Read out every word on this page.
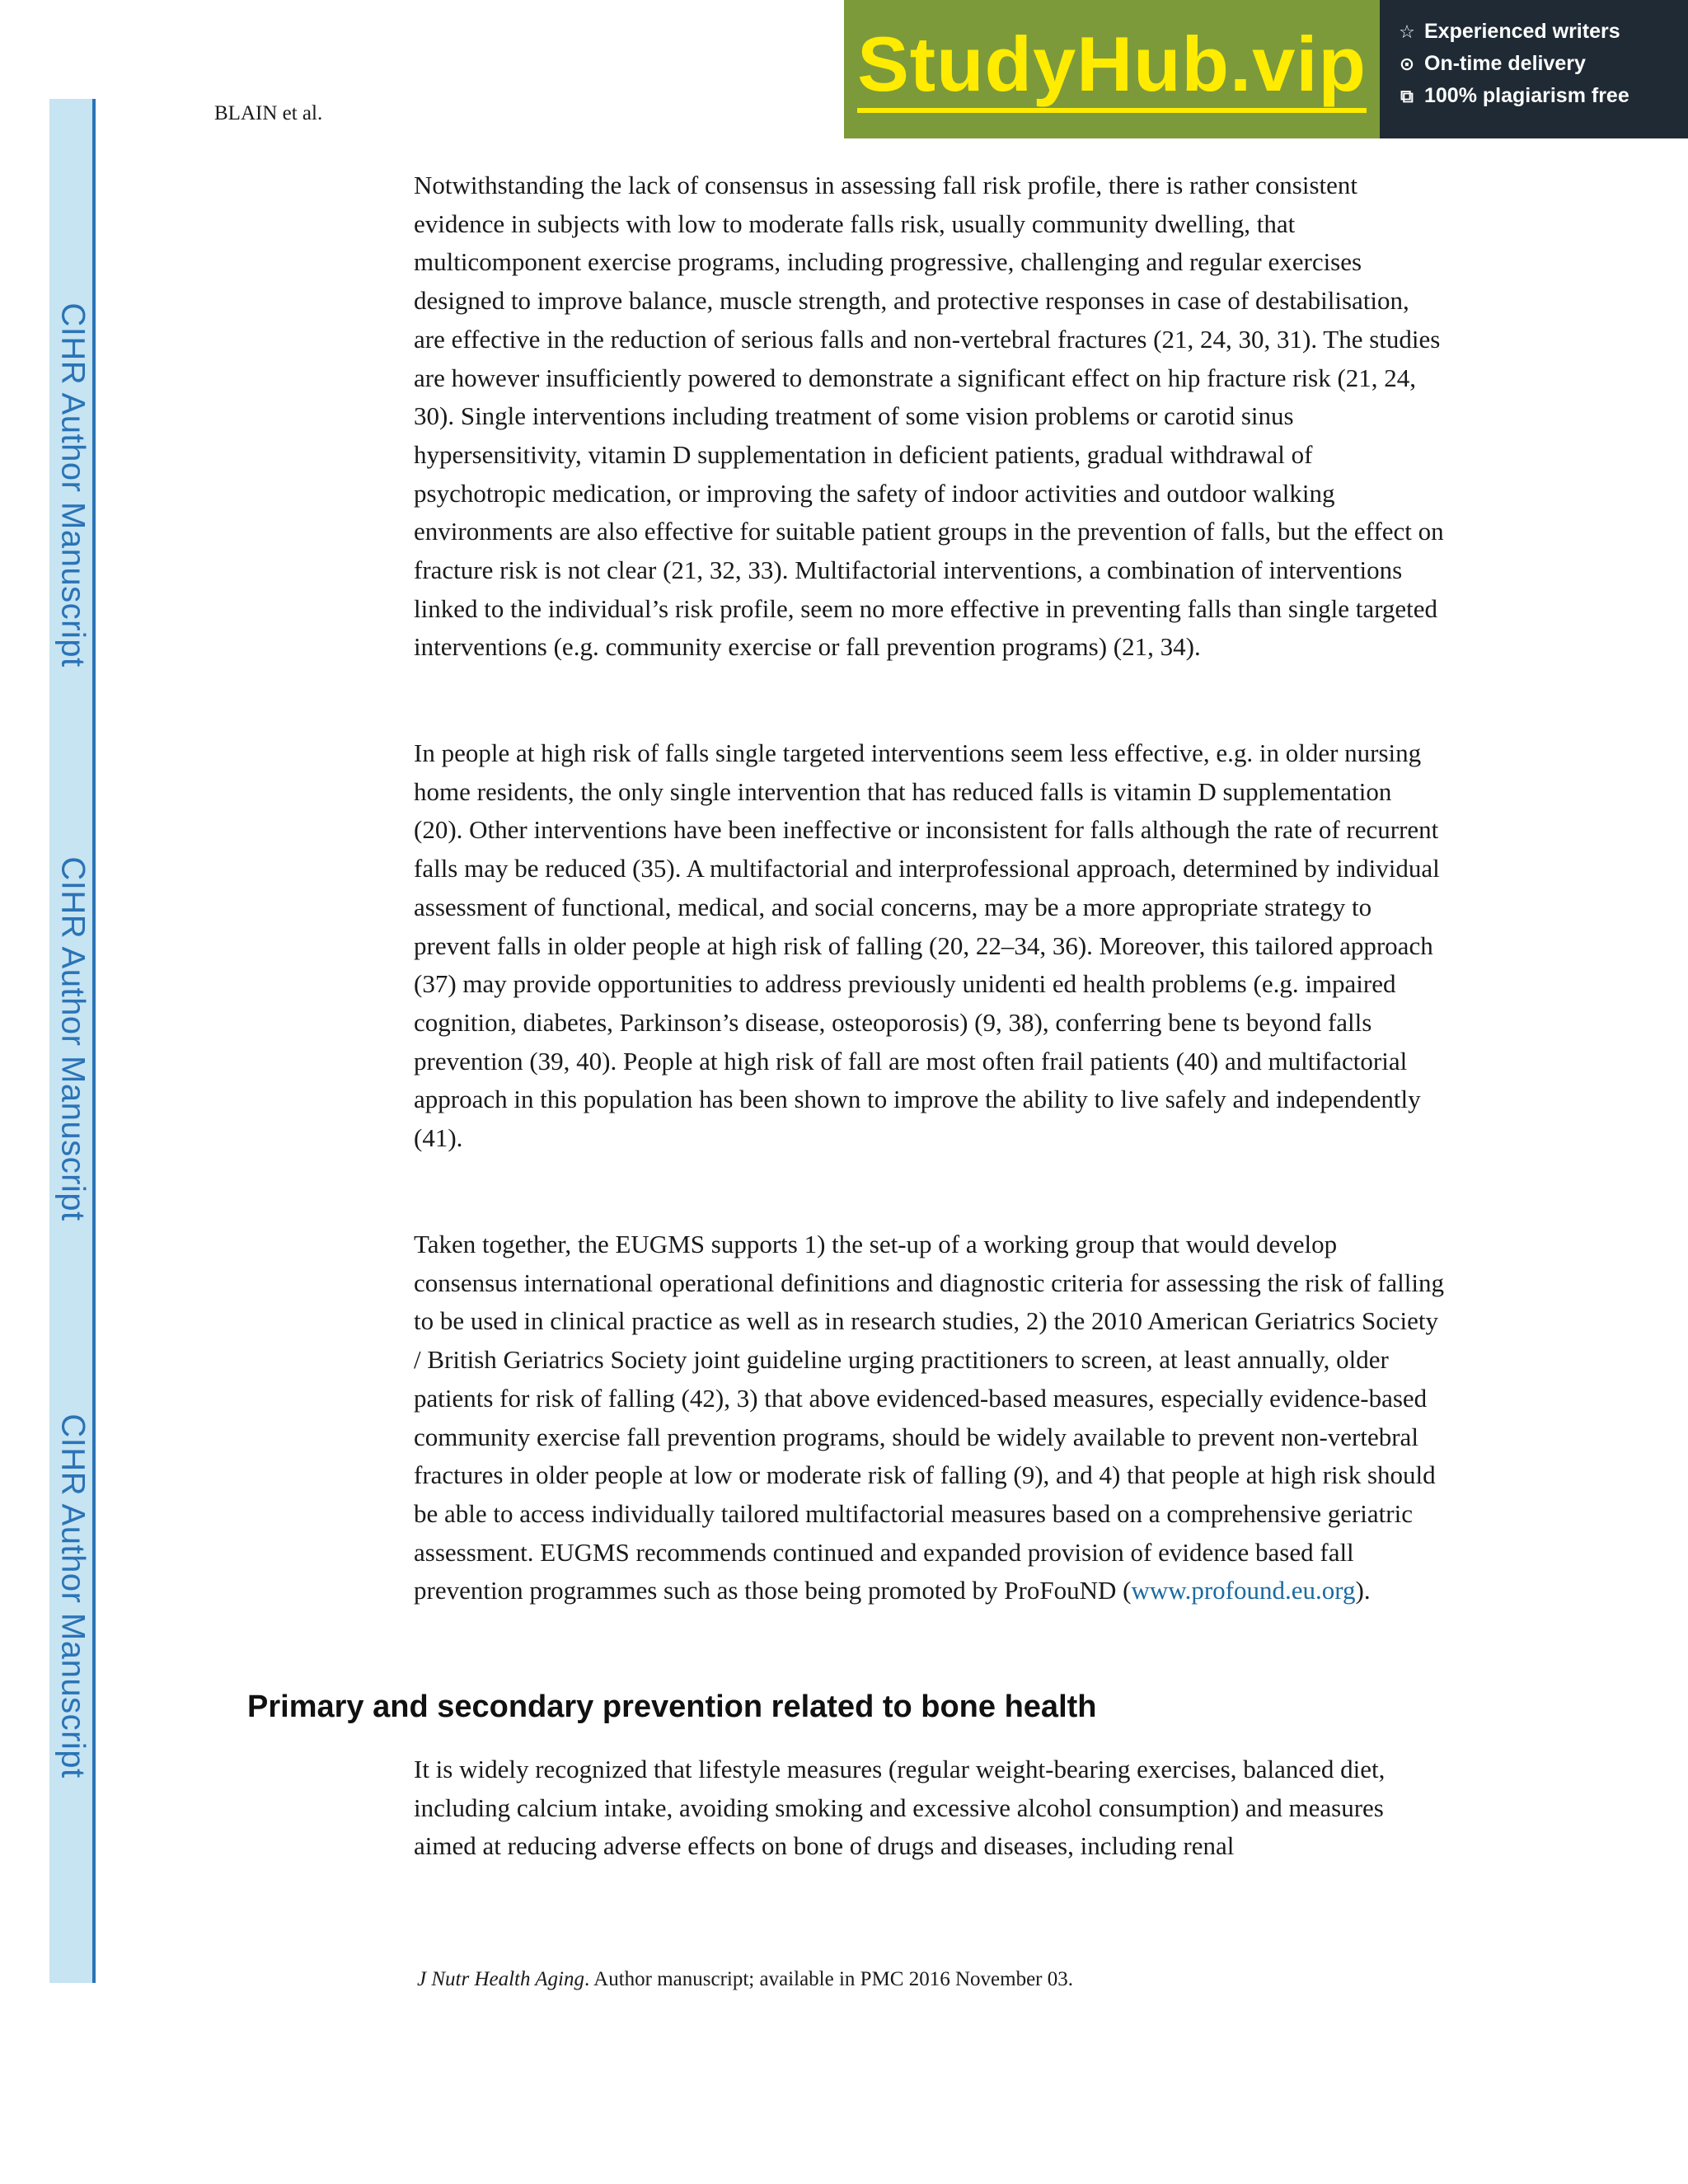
CIHR Author Manuscript
CIHR Author Manuscript
CIHR Author Manuscript
BLAIN et al.
StudyHub.vip ☆ Experienced writers
⊙ On-time delivery
⧉ 100% plagiarism free

Notwithstanding the lack of consensus in assessing fall risk profile, there is rather consistent evidence in subjects with low to moderate falls risk, usually community dwelling, that multicomponent exercise programs, including progressive, challenging and regular exercises designed to improve balance, muscle strength, and protective responses in case of destabilisation, are effective in the reduction of serious falls and non-vertebral fractures (21, 24, 30, 31). The studies are however insufficiently powered to demonstrate a significant effect on hip fracture risk (21, 24, 30). Single interventions including treatment of some vision problems or carotid sinus hypersensitivity, vitamin D supplementation in deficient patients, gradual withdrawal of psychotropic medication, or improving the safety of indoor activities and outdoor walking environments are also effective for suitable patient groups in the prevention of falls, but the effect on fracture risk is not clear (21, 32, 33). Multifactorial interventions, a combination of interventions linked to the individual’s risk profile, seem no more effective in preventing falls than single targeted interventions (e.g. community exercise or fall prevention programs) (21, 34).

In people at high risk of falls single targeted interventions seem less effective, e.g. in older nursing home residents, the only single intervention that has reduced falls is vitamin D supplementation (20). Other interventions have been ineffective or inconsistent for falls although the rate of recurrent falls may be reduced (35). A multifactorial and interprofessional approach, determined by individual assessment of functional, medical, and social concerns, may be a more appropriate strategy to prevent falls in older people at high risk of falling (20, 22–34, 36). Moreover, this tailored approach (37) may provide opportunities to address previously unidenti ed health problems (e.g. impaired cognition, diabetes, Parkinson’s disease, osteoporosis) (9, 38), conferring bene ts beyond falls prevention (39, 40). People at high risk of fall are most often frail patients (40) and multifactorial approach in this population has been shown to improve the ability to live safely and independently (41).

Taken together, the EUGMS supports 1) the set-up of a working group that would develop consensus international operational definitions and diagnostic criteria for assessing the risk of falling to be used in clinical practice as well as in research studies, 2) the 2010 American Geriatrics Society / British Geriatrics Society joint guideline urging practitioners to screen, at least annually, older patients for risk of falling (42), 3) that above evidenced-based measures, especially evidence-based community exercise fall prevention programs, should be widely available to prevent non-vertebral fractures in older people at low or moderate risk of falling (9), and 4) that people at high risk should be able to access individually tailored multifactorial measures based on a comprehensive geriatric assessment. EUGMS recommends continued and expanded provision of evidence based fall prevention programmes such as those being promoted by ProFouND (www.profound.eu.org).

Primary and secondary prevention related to bone health

It is widely recognized that lifestyle measures (regular weight-bearing exercises, balanced diet, including calcium intake, avoiding smoking and excessive alcohol consumption) and measures aimed at reducing adverse effects on bone of drugs and diseases, including renal

J Nutr Health Aging. Author manuscript; available in PMC 2016 November 03.
